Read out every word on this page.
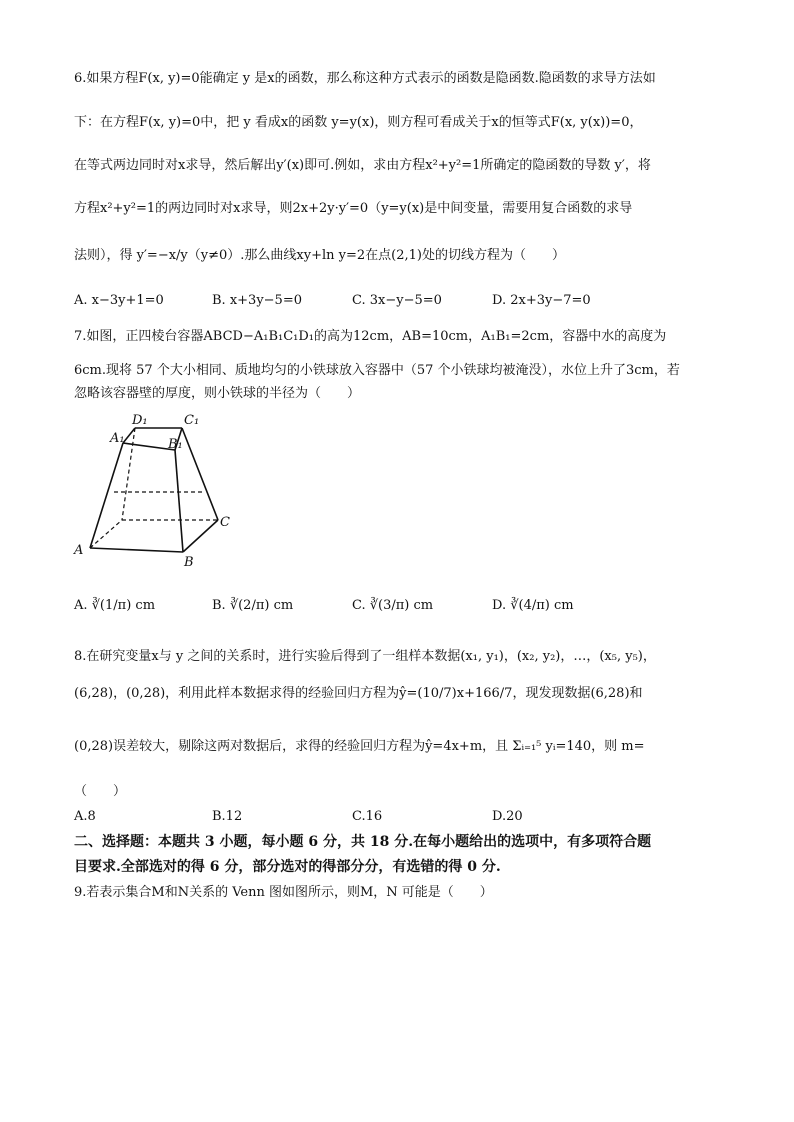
6.如果方程F(x, y)=0能确定 y 是x的函数，那么称这种方式表示的函数是隐函数.隐函数的求导方法如
下：在方程F(x, y)=0中，把 y 看成x的函数 y=y(x)，则方程可看成关于x的恒等式F(x, y(x))=0，
在等式两边同时对x求导，然后解出y′(x)即可.例如，求由方程x²+y²=1所确定的隐函数的导数 y′，将
方程x²+y²=1的两边同时对x求导，则2x+2y·y′=0（y=y(x)是中间变量，需要用复合函数的求导
法则），得 y′=−x/y（y≠0）.那么曲线xy+ln y=2在点(2,1)处的切线方程为（　　）
A. x−3y+1=0	B. x+3y−5=0	C. 3x−y−5=0	D. 2x+3y−7=0
7.如图，正四棱台容器ABCD−A₁B₁C₁D₁的高为12cm，AB=10cm，A₁B₁=2cm，容器中水的高度为
6cm.现将 57 个大小相同、质地均匀的小铁球放入容器中（57 个小铁球均被淹没），水位上升了3cm，若
忽略该容器壁的厚度，则小铁球的半径为（　　）
D₁	C₁
A₁	B₁
A
B
C
A. ∛(1/π) cm	B. ∛(2/π) cm	C. ∛(3/π) cm	D. ∛(4/π) cm
8.在研究变量x与 y 之间的关系时，进行实验后得到了一组样本数据(x₁, y₁)，(x₂, y₂)，…，(x₅, y₅)，
(6,28)，(0,28)，利用此样本数据求得的经验回归方程为ŷ=(10/7)x+166/7，现发现数据(6,28)和
(0,28)误差较大，剔除这两对数据后，求得的经验回归方程为ŷ=4x+m，且 Σᵢ₌₁⁵ yᵢ=140，则 m=
（　　）
A.8	B.12	C.16	D.20
二、选择题：本题共 3 小题，每小题 6 分，共 18 分.在每小题给出的选项中，有多项符合题
目要求.全部选对的得 6 分，部分选对的得部分分，有选错的得 0 分.
9.若表示集合M和N关系的 Venn 图如图所示，则M，N 可能是（　　）
